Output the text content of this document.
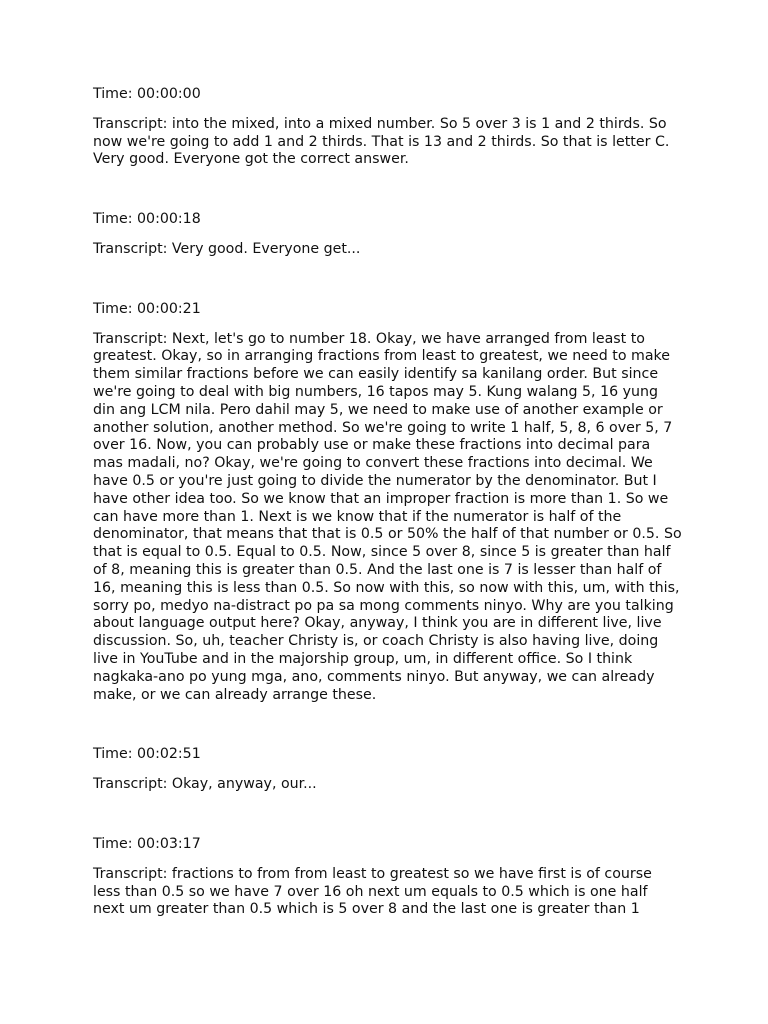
Time: 00:00:00

Transcript: into the mixed, into a mixed number. So 5 over 3 is 1 and 2 thirds. So now we're going to add 1 and 2 thirds. That is 13 and 2 thirds. So that is letter C. Very good. Everyone got the correct answer.

Time: 00:00:18

Transcript: Very good. Everyone get...

Time: 00:00:21

Transcript: Next, let's go to number 18. Okay, we have arranged from least to greatest. Okay, so in arranging fractions from least to greatest, we need to make them similar fractions before we can easily identify sa kanilang order. But since we're going to deal with big numbers, 16 tapos may 5. Kung walang 5, 16 yung din ang LCM nila. Pero dahil may 5, we need to make use of another example or another solution, another method. So we're going to write 1 half, 5, 8, 6 over 5, 7 over 16. Now, you can probably use or make these fractions into decimal para mas madali, no? Okay, we're going to convert these fractions into decimal. We have 0.5 or you're just going to divide the numerator by the denominator. But I have other idea too. So we know that an improper fraction is more than 1. So we can have more than 1. Next is we know that if the numerator is half of the denominator, that means that that is 0.5 or 50% the half of that number or 0.5. So that is equal to 0.5. Equal to 0.5. Now, since 5 over 8, since 5 is greater than half of 8, meaning this is greater than 0.5. And the last one is 7 is lesser than half of 16, meaning this is less than 0.5. So now with this, so now with this, um, with this, sorry po, medyo na-distract po pa sa mong comments ninyo. Why are you talking about language output here? Okay, anyway, I think you are in different live, live discussion. So, uh, teacher Christy is, or coach Christy is also having live, doing live in YouTube and in the majorship group, um, in different office. So I think nagkaka-ano po yung mga, ano, comments ninyo. But anyway, we can already make, or we can already arrange these.

Time: 00:02:51

Transcript: Okay, anyway, our...

Time: 00:03:17

Transcript: fractions to from from least to greatest so we have first is of course less than 0.5 so we have 7 over 16 oh next um equals to 0.5 which is one half next um greater than 0.5 which is 5 over 8 and the last one is greater than 1
